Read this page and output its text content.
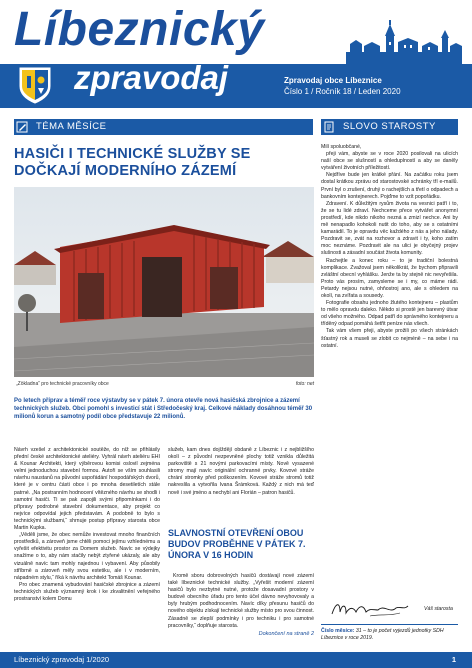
Líbeznický
zpravodaj	Zpravodaj obce Líbeznice
Číslo 1 / Ročník 18 / Leden 2020
TÉMA MĚSÍCE	SLOVO STAROSTY
HASIČI I TECHNICKÉ SLUŽBY SE DOČKAJÍ MODERNÍHO ZÁZEMÍ
„Zökladna“ pro technické pracovníky obce	foto: net
Po letech příprav a téměř roce výstavby se v pátek 7. února otevře nová hasičská zbrojnice a zázemí technických služeb. Obci pomohl s investicí stát i Středočeský kraj. Celkové náklady dosáhnou téměř 30 milionů korun a samotný podíl obce představuje 22 milionů.

Návrh vzešel z architektonické soutěže, do níž se přihlásily přední české architektonické ateliéry. Vyhrál návrh ateliéru EHI & Kounar Architekti, který výběrovou komisi oslovil zejména velmi jednoduchou stavební formou. Autoři se vším souhlasili návrhu naustanů na původní uspořádání hospodářských dvorů, které je v centru části obce i po mnoha desetiletích stále patrné. „Na postranním hodnocení vítězného návrhu se shodli i samotní hasiči. Ti se pak zapojili svými připomínkami i do přípravy podrobné stavební dokumentace, aby projekt co nejvíce odpovídal jejich představám. A podobně to bylo s technickými službami,“ shrnuje postup přípravy starosta obce Martin Kupka.

„Věděli jsme, že obec nemůže investovat mnoho finančních prostředků, a zároveň jsme chtěli pomoci jejímu vzhlednému a vyřešit efektivitu prostor za Domem služeb. Navíc se výdejky snažíme o to, aby nám stačily nebýt ztyřené ukázaly, ale aby vizuálně navíc tam mohly najednou i vybavení. Aby působily stříbrně a zároveň měly svou estetiku, ale i v moderním, nápadném stylu,“ říká k návrhu architekt Tomáš Kounar.

Pro obec znamená vybudování hasičské zbrojnice a zázemí technických služeb významný krok i ke zkvalitnění veřejného prostranství kolem Domu

služeb, kam dnes dojíždějí obdaně z Líbeznic i z nejbližšího okolí – z původní nezpevněné plochy totiž vznikla důležitá parkoviště s 21 novými parkovacími místy. Nově vysazené stromy mají navíc originální ochranné prvky. Kovové stráže chrání stromky před poškozením. Kovové stráže stromů totiž nakreslila a vytvořila Ivana Šrámková. Každý z nich má teď nově i své jméno a nechybí ani Florián – patron hasičů.

SLAVNOSTNÍ OTEVŘENÍ OBOU BUDOV PROBĚHNE V PÁTEK 7. ÚNORA V 16 HODIN

Kromě sboru dobrovolných hasičů dostávají nové zázemí také líbeznické technické služby. „Vyřešit moderní zázemí hasičů bylo nezbytné nutné, protože dosavadní prostory v budově obecního úřadu pro tento účel dávno nevyhovovaly a byly hrubým podhodnocením. Navíc díky přesunu hasičů do nového objektu získají technické služby místo pro svou činnost. Zásadně se zlepší podmínky i pro techniku i pro samotné pracovníky,“ doplňuje starosta.

Dokončení na straně 2

Milí spoluobčané,

přeji vám, abyste se v roce 2020 posilovali na ulicích naší obce se slušností a ohleduplností a aby se daněly vytváření životních příležitostí.

Nejdříve bude jen krátké přání. Na začátku roku jsem dostal krátkou zprávu od starostovské schránky tří e-mailů. První byl o zrušení, druhý o rachejtlích a třetí o odpadech a bankovním kontejnerech. Pojďme to vzít popořádku.

Zdravení. K důležitým rysům života na vesnici patří i to, že se tu lidé zdraví. Nechceme přece vytvářet anonymní prostředí, kde nikdo nikoho nezná a zmizí nechce. Ani by mě nenapadlo kohokoli nutit do toho, aby se s ostatními kamarádil. To je opravdu věc každého z nás a jeho nálady. Pozdravit se, zvát na rozhovor a zdravit i ty, koho zatím moc neznáme. Pozdravit ale na ulici je obyčejný projev slušnosti a zásadní součást života komunity.

Rachejtle a konec roku – to je tradiční bolestná komplikace. Zvažoval jsem několikrát, že bychom připravili zvláštní obecní vyhlášku. Jenže ta by stejně nic nevyřešila. Proto vás prosím, zamysleme se i my, co máme rádi. Petardy nejsou nutné, ohňostroj ano, ale s ohledem na okolí, na zvířata a sousedy.

Fotografie obsahu jednoho žlutého kontejneru – plastům to mělo opravdu daleko. Někdo si prostě jen barevný útvar od všeho možného. Odpad patří do správného kontejneru a tříděný odpad pomáhá šetřit peníze nás všech.

Tak vám všem přeji, abyste prožili po všech stránkách šťastný rok a museli se zlobit co nejméně – na sebe i na ostatní.

Váš starosta
Číslo měsíce: 31 – to je počet vyjezdů jednotky SDH Líbeznice v roce 2019.
Líbeznický zpravodaj 1/2020	1
